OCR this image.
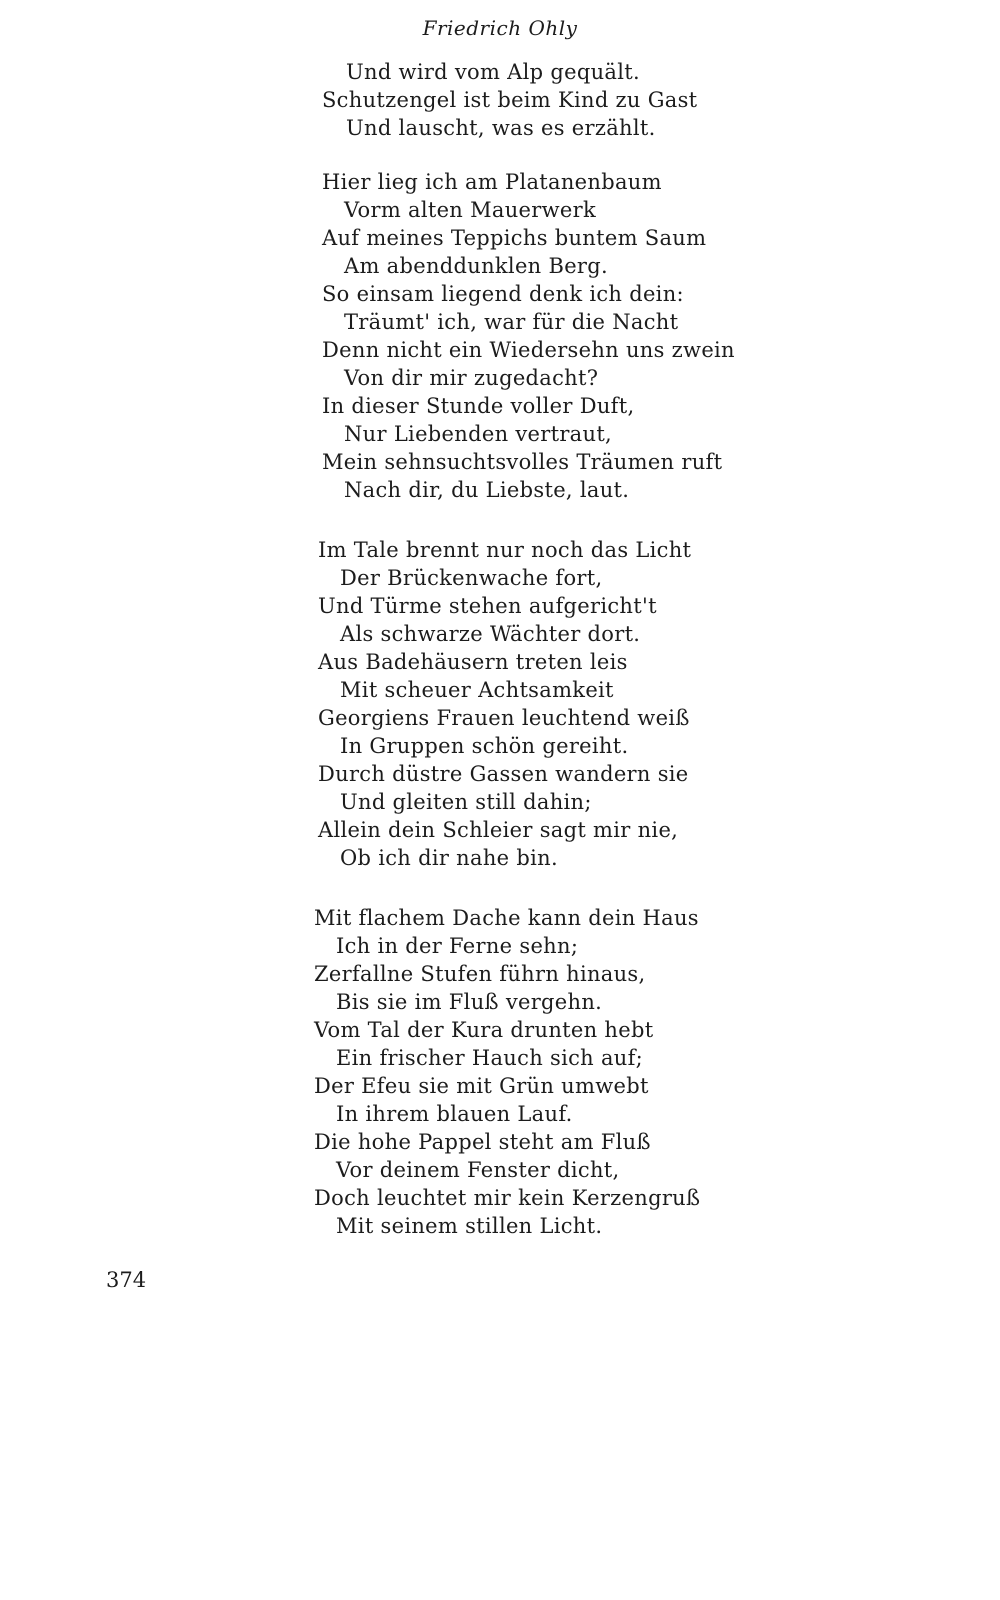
Friedrich Ohly
Und wird vom Alp gequält.
Schutzengel ist beim Kind zu Gast
Und lauscht, was es erzählt.
Hier lieg ich am Platanenbaum
Vorm alten Mauerwerk
Auf meines Teppichs buntem Saum
Am abenddunklen Berg.
So einsam liegend denk ich dein:
Träumt' ich, war für die Nacht
Denn nicht ein Wiedersehn uns zwein
Von dir mir zugedacht?
In dieser Stunde voller Duft,
Nur Liebenden vertraut,
Mein sehnsuchtsvolles Träumen ruft
Nach dir, du Liebste, laut.
Im Tale brennt nur noch das Licht
Der Brückenwache fort,
Und Türme stehen aufgericht't
Als schwarze Wächter dort.
Aus Badehäusern treten leis
Mit scheuer Achtsamkeit
Georgiens Frauen leuchtend weiß
In Gruppen schön gereiht.
Durch düstre Gassen wandern sie
Und gleiten still dahin;
Allein dein Schleier sagt mir nie,
Ob ich dir nahe bin.
Mit flachem Dache kann dein Haus
Ich in der Ferne sehn;
Zerfallne Stufen führn hinaus,
Bis sie im Fluß vergehn.
Vom Tal der Kura drunten hebt
Ein frischer Hauch sich auf;
Der Efeu sie mit Grün umwebt
In ihrem blauen Lauf.
Die hohe Pappel steht am Fluß
Vor deinem Fenster dicht,
Doch leuchtet mir kein Kerzengruß
Mit seinem stillen Licht.
374
